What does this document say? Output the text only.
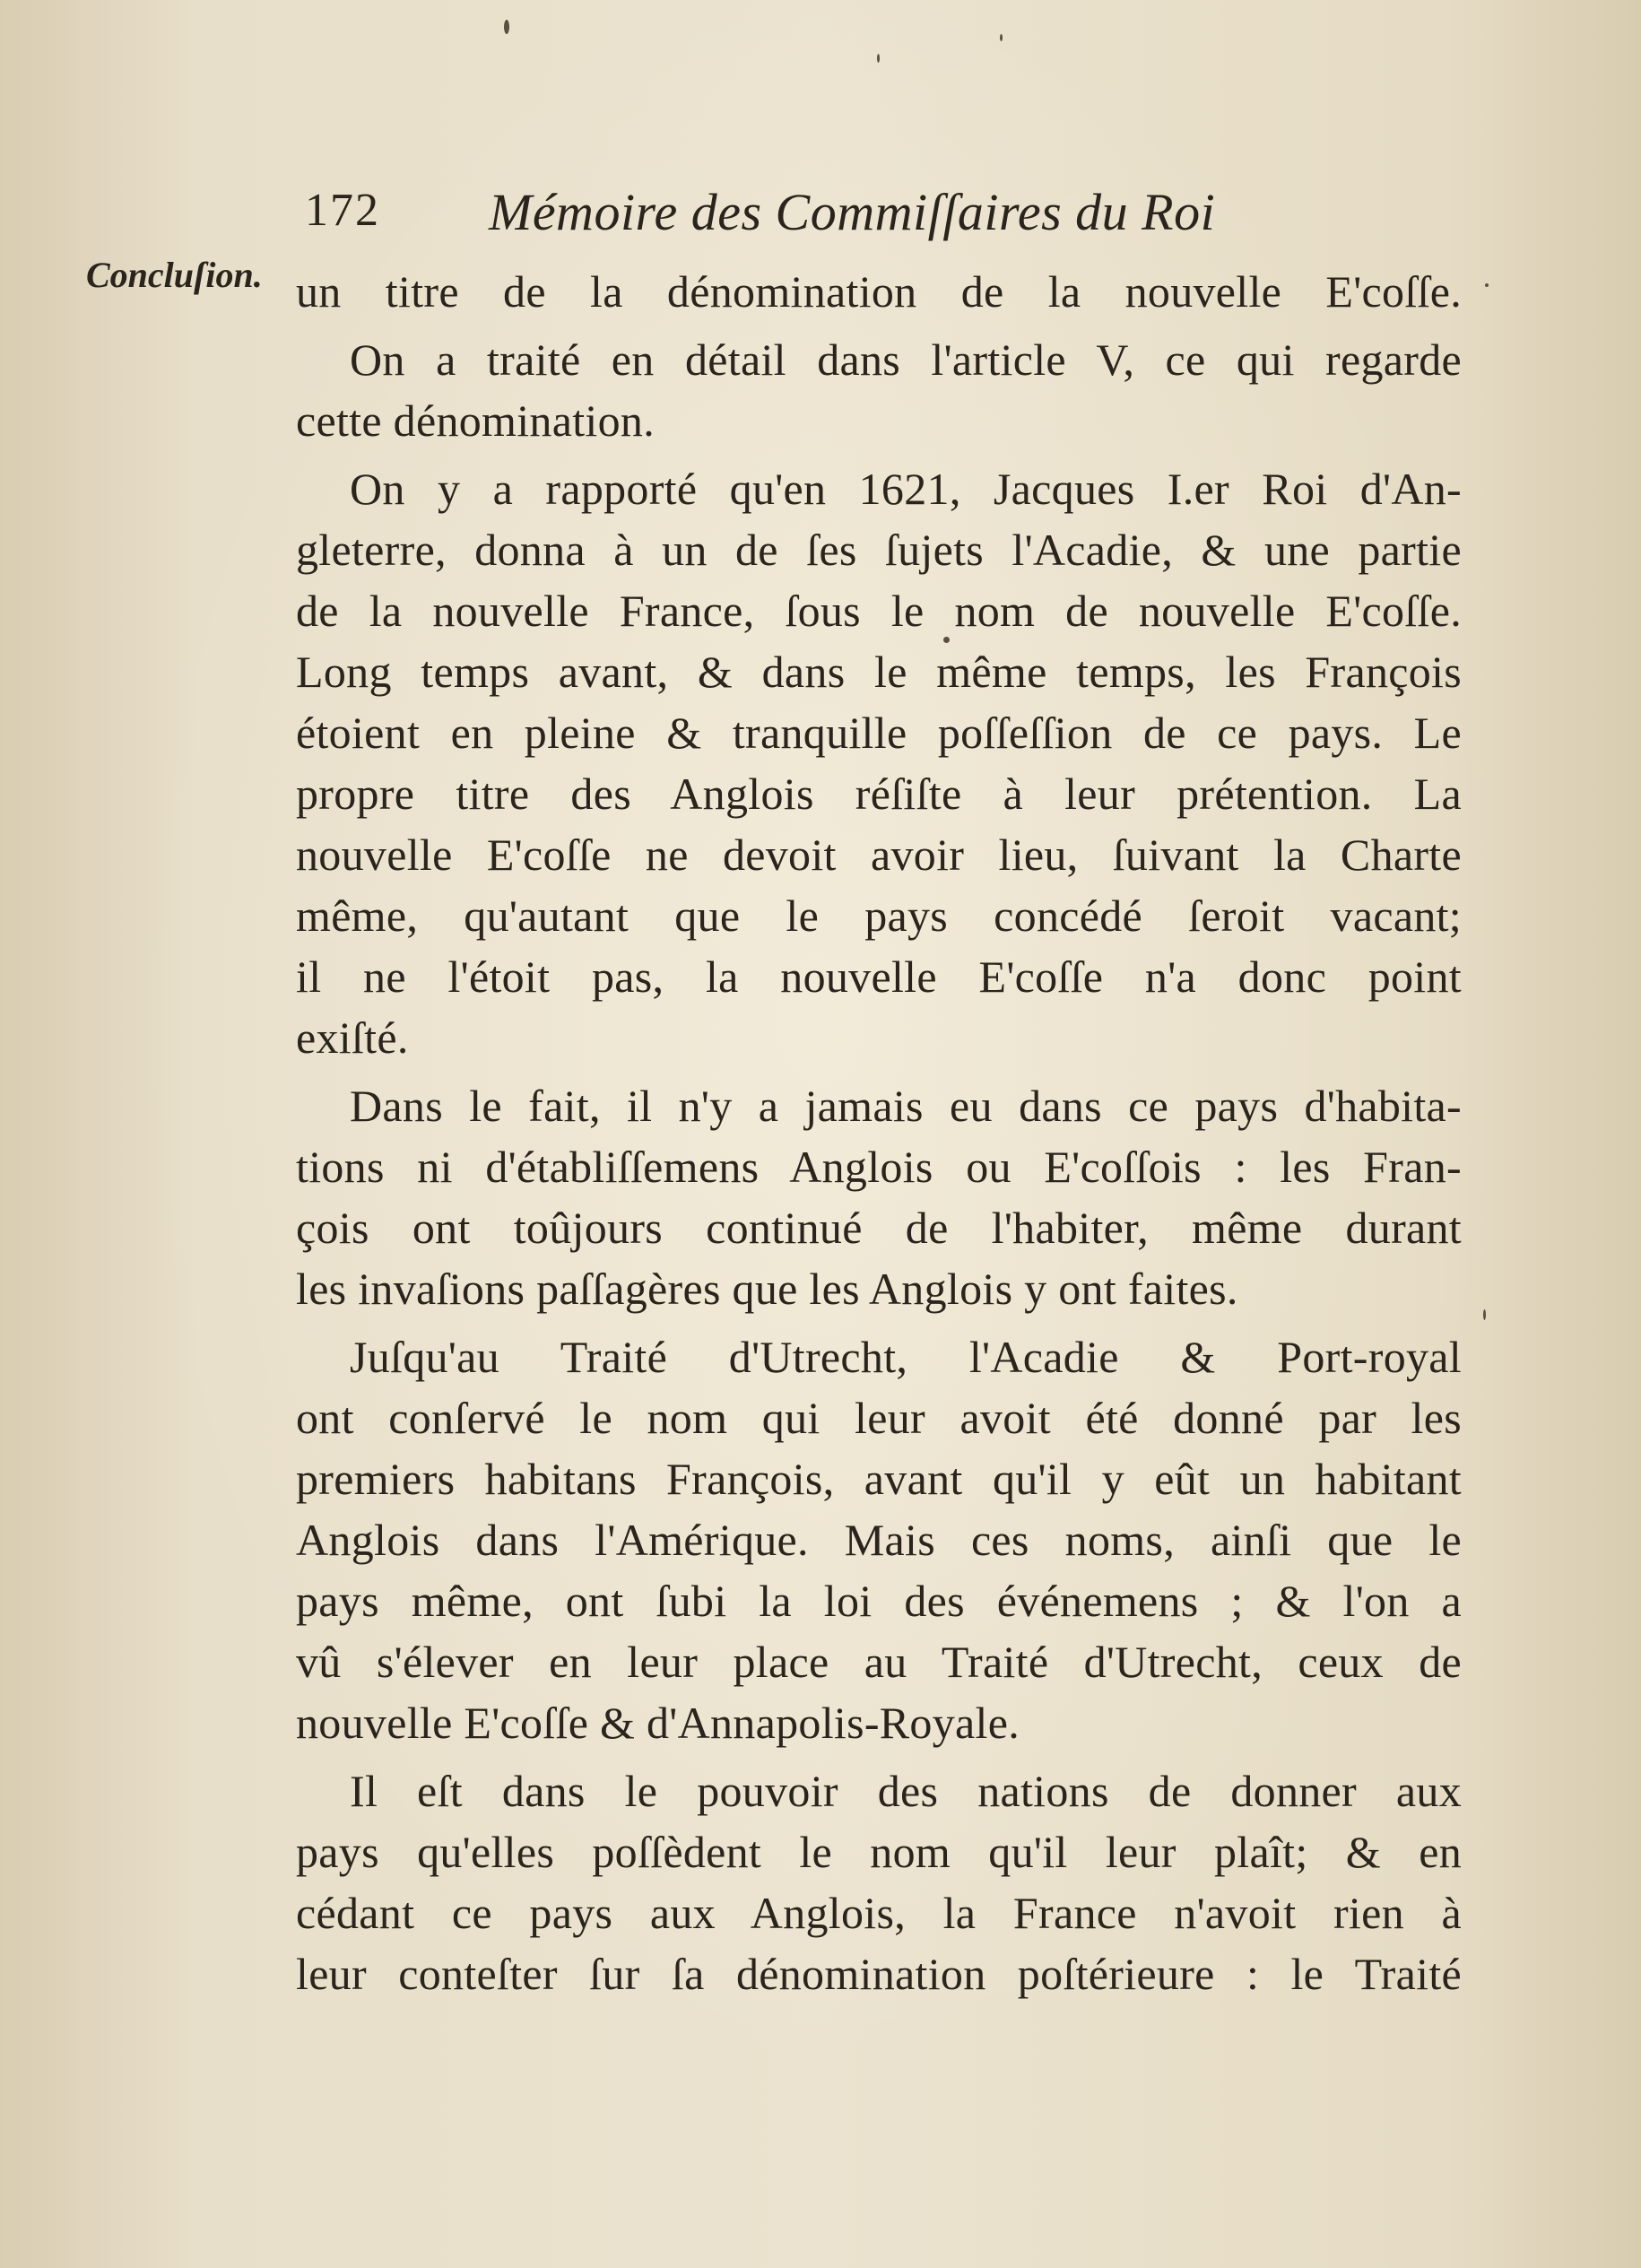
172 Mémoire des Commiſſaires du Roi
Concluſion. un titre de la dénomination de la nouvelle E'coſſe.
On a traité en détail dans l'article V, ce qui regarde
cette dénomination.
On y a rapporté qu'en 1621, Jacques I.er Roi d'An-
gleterre, donna à un de ſes ſujets l'Acadie, & une partie
de la nouvelle France, ſous le nom de nouvelle E'coſſe.
Long temps avant, & dans le même temps, les François
étoient en pleine & tranquille poſſeſſion de ce pays. Le
propre titre des Anglois réſiſte à leur prétention. La
nouvelle E'coſſe ne devoit avoir lieu, ſuivant la Charte
même, qu'autant que le pays concédé ſeroit vacant;
il ne l'étoit pas, la nouvelle E'coſſe n'a donc point
exiſté.
Dans le fait, il n'y a jamais eu dans ce pays d'habita-
tions ni d'établiſſemens Anglois ou E'coſſois : les Fran-
çois ont toûjours continué de l'habiter, même durant
les invaſions paſſagères que les Anglois y ont faites.
Juſqu'au Traité d'Utrecht, l'Acadie & Port-royal
ont conſervé le nom qui leur avoit été donné par les
premiers habitans François, avant qu'il y eût un habitant
Anglois dans l'Amérique. Mais ces noms, ainſi que le
pays même, ont ſubi la loi des événemens ; & l'on a
vû s'élever en leur place au Traité d'Utrecht, ceux de
nouvelle E'coſſe & d'Annapolis-Royale.
Il eſt dans le pouvoir des nations de donner aux
pays qu'elles poſſèdent le nom qu'il leur plaît; & en
cédant ce pays aux Anglois, la France n'avoit rien à
leur conteſter ſur ſa dénomination poſtérieure : le Traité
